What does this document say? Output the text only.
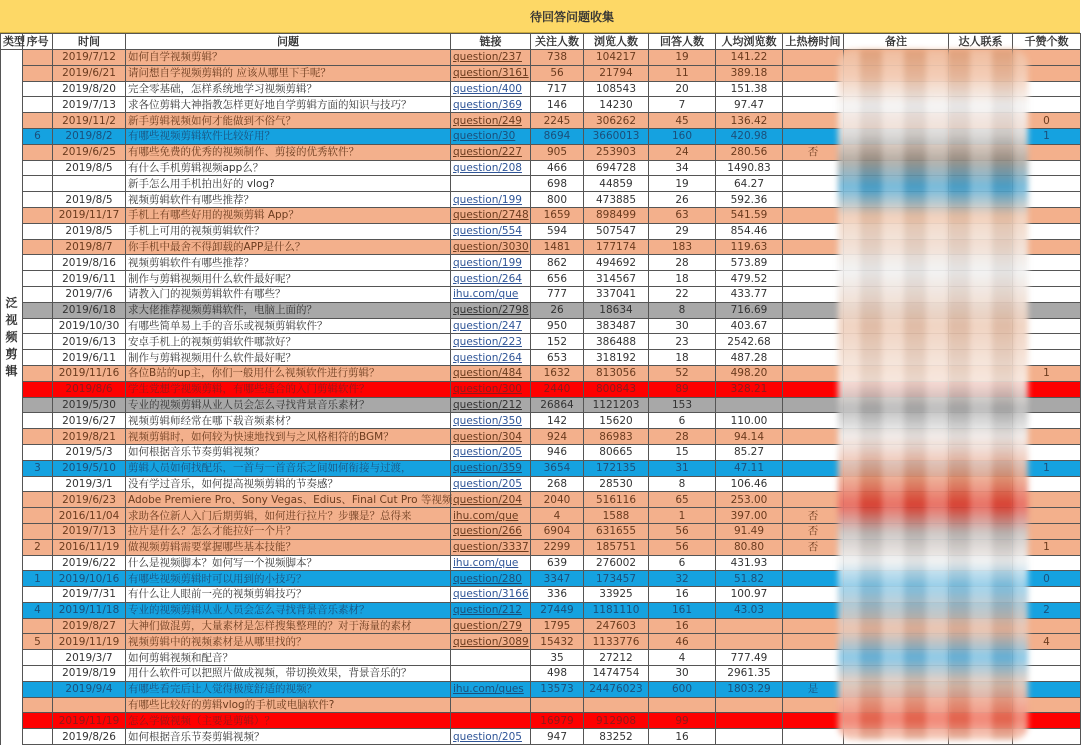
待回答问题收集
类型	序号	时间	问题	链接	关注人数	浏览人数	回答人数	人均浏览数	上热榜时间	备注	达人联系	千赞个数

泛视频剪辑		2019/7/12	如何自学视频剪辑？	question/237	738	104217	19	141.22				
		2019/6/21	请问想自学视频剪辑的 应该从哪里下手呢？	question/3161	56	21794	11	389.18				
		2019/8/20	完全零基础，怎样系统地学习视频剪辑？	question/400	717	108543	20	151.38				
		2019/7/13	求各位剪辑大神指教怎样更好地自学剪辑方面的知识与技巧？	question/369	146	14230	7	97.47				
		2019/11/2	新手剪辑视频如何才能做到不俗气？	question/249	2245	306262	45	136.42				0
	6	2019/8/2	有哪些视频剪辑软件比较好用？	question/30	8694	3660013	160	420.98				1
		2019/6/25	有哪些免费的优秀的视频制作、剪接的优秀软件？	question/227	905	253903	24	280.56	否			
		2019/8/5	有什么手机剪辑视频app么？	question/208	466	694728	34	1490.83				
			新手怎么用手机拍出好的 vlog?		698	44859	19	64.27				
		2019/8/5	视频剪辑软件有哪些推荐？	question/199	800	473885	26	592.36				
		2019/11/17	手机上有哪些好用的视频剪辑 App？	question/2748	1659	898499	63	541.59				
		2019/8/5	手机上可用的视频剪辑软件？	question/554	594	507547	29	854.46				
		2019/8/7	你手机中最舍不得卸载的APP是什么？	question/3030	1481	177174	183	119.63				
		2019/8/16	视频剪辑软件有哪些推荐？	question/199	862	494692	28	573.89				
		2019/6/11	制作与剪辑视频用什么软件最好呢？	question/264	656	314567	18	479.52				
		2019/7/6	请教入门的视频剪辑软件有哪些？	ihu.com/que	777	337041	22	433.77				
		2019/6/18	求大佬推荐视频剪辑软件，电脑上面的？	question/2798	26	18634	8	716.69				
		2019/10/30	有哪些简单易上手的音乐或视频剪辑软件？	question/247	950	383487	30	403.67				
		2019/6/13	安卓手机上的视频剪辑软件哪款好？	question/223	152	386488	23	2542.68				
		2019/6/11	制作与剪辑视频用什么软件最好呢？	question/264	653	318192	18	487.28				
		2019/11/16	各位B站的up主，你们一般用什么视频软件进行剪辑？	question/484	1632	813056	52	498.20				1
		2019/8/6	学生党想学视频剪辑，有哪些适合的入门剪辑软件？	question/300	2440	800843	89	328.21				
		2019/5/30	专业的视频剪辑从业人员会怎么寻找背景音乐素材？	question/212	26864	1121203	153					
		2019/6/27	视频剪辑师经常在哪下载音频素材？	question/350	142	15620	6	110.00				
		2019/8/21	视频剪辑时，如何较为快速地找到与之风格相符的BGM？	question/304	924	86983	28	94.14				
		2019/5/3	如何根据音乐节奏剪辑视频？	question/205	946	80665	15	85.27				
	3	2019/5/10	剪辑人员如何找配乐，一首与一首音乐之间如何衔接与过渡，	question/359	3654	172135	31	47.11				1
		2019/3/1	没有学过音乐，如何提高视频剪辑的节奏感？	question/205	268	28530	8	106.46				
		2019/6/23	Adobe Premiere Pro、Sony Vegas、Edius、Final Cut Pro 等视频	question/204	2040	516116	65	253.00				
		2016/11/04	求助各位新人入门后期剪辑，如何进行拉片？步骤是？总得来	ihu.com/que	4	1588	1	397.00	否			
		2019/7/13	拉片是什么？怎么才能拉好一个片？	question/266	6904	631655	56	91.49	否			
	2	2016/11/19	做视频剪辑需要掌握哪些基本技能？	question/3337	2299	185751	56	80.80	否			1
		2019/6/22	什么是视频脚本？如何写一个视频脚本？	ihu.com/que	639	276002	6	431.93				
	1	2019/10/16	有哪些视频剪辑时可以用到的小技巧？	question/280	3347	173457	32	51.82				0
		2019/7/31	有什么让人眼前一亮的视频剪辑技巧？	question/3166	336	33925	16	100.97				
	4	2019/11/18	专业的视频剪辑从业人员会怎么寻找背景音乐素材？	question/212	27449	1181110	161	43.03				2
		2019/8/27	大神们做混剪，大量素材是怎样搜集整理的？对于海量的素材	question/279	1795	247603	16					
	5	2019/11/19	视频剪辑中的视频素材是从哪里找的？	question/3089	15432	1133776	46					4
		2019/3/7	如何剪辑视频和配音？		35	27212	4	777.49				
		2019/8/19	用什么软件可以把照片做成视频，带切换效果，背景音乐的？		498	1474754	30	2961.35				
		2019/9/4	有哪些看完后让人觉得极度舒适的视频？	ihu.com/ques	13573	24476023	600	1803.29	是			
			有哪些比较好的剪辑vlog的手机或电脑软件?									
		2019/11/19	怎么学做视频（主要是剪辑）？		16979	912908	99					
		2019/8/26	如何根据音乐节奏剪辑视频？	question/205	947	83252	16					
